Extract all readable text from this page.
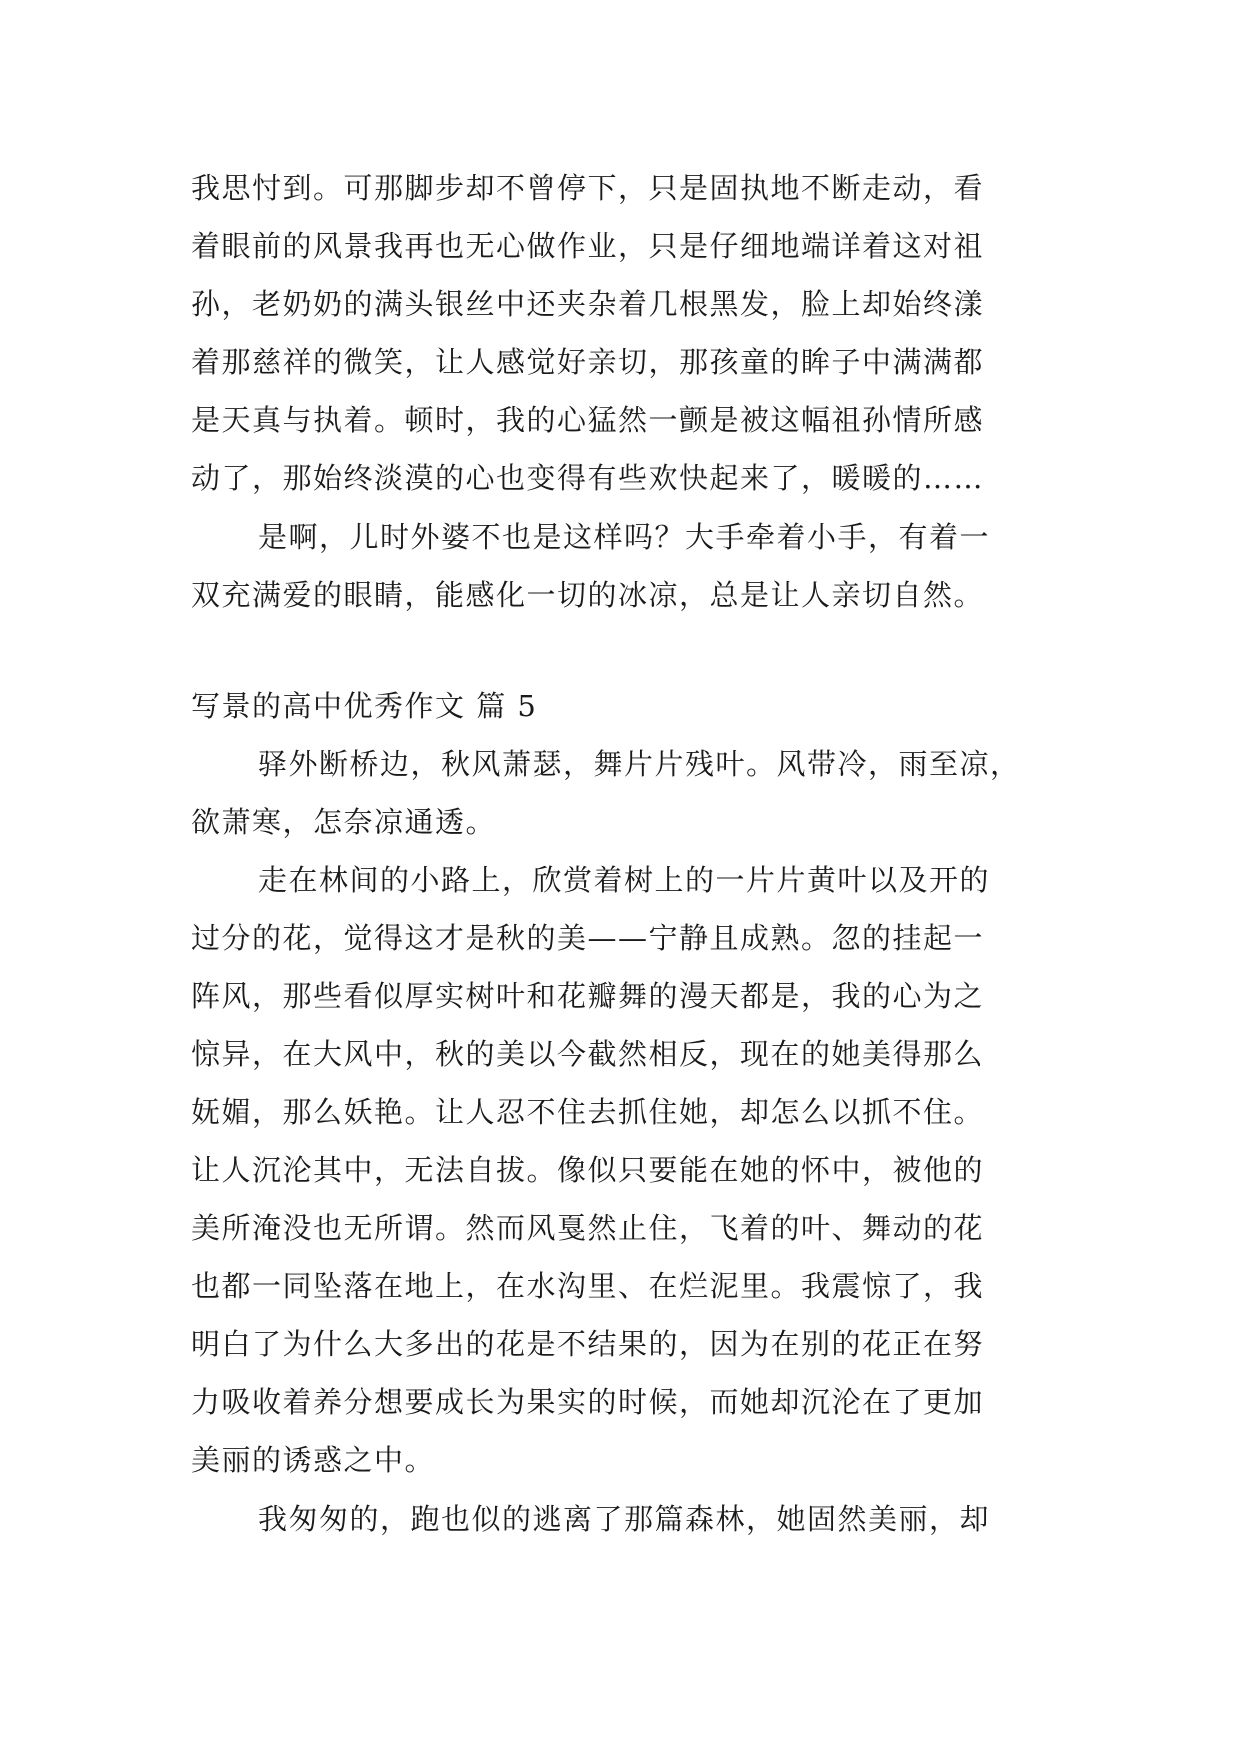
我思忖到。可那脚步却不曾停下，只是固执地不断走动，看
着眼前的风景我再也无心做作业，只是仔细地端详着这对祖
孙，老奶奶的满头银丝中还夹杂着几根黑发，脸上却始终漾
着那慈祥的微笑，让人感觉好亲切，那孩童的眸子中满满都
是天真与执着。顿时，我的心猛然一颤是被这幅祖孙情所感
动了，那始终淡漠的心也变得有些欢快起来了，暖暖的……
是啊，儿时外婆不也是这样吗？大手牵着小手，有着一
双充满爱的眼睛，能感化一切的冰凉，总是让人亲切自然。
写景的高中优秀作文 篇 5
驿外断桥边，秋风萧瑟，舞片片残叶。风带冷，雨至凉，
欲萧寒，怎奈凉通透。
走在林间的小路上，欣赏着树上的一片片黄叶以及开的
过分的花，觉得这才是秋的美——宁静且成熟。忽的挂起一
阵风，那些看似厚实树叶和花瓣舞的漫天都是，我的心为之
惊异，在大风中，秋的美以今截然相反，现在的她美得那么
妩媚，那么妖艳。让人忍不住去抓住她，却怎么以抓不住。
让人沉沦其中，无法自拔。像似只要能在她的怀中，被他的
美所淹没也无所谓。然而风戛然止住，飞着的叶、舞动的花
也都一同坠落在地上，在水沟里、在烂泥里。我震惊了，我
明白了为什么大多出的花是不结果的，因为在别的花正在努
力吸收着养分想要成长为果实的时候，而她却沉沦在了更加
美丽的诱惑之中。
我匆匆的，跑也似的逃离了那篇森林，她固然美丽，却
